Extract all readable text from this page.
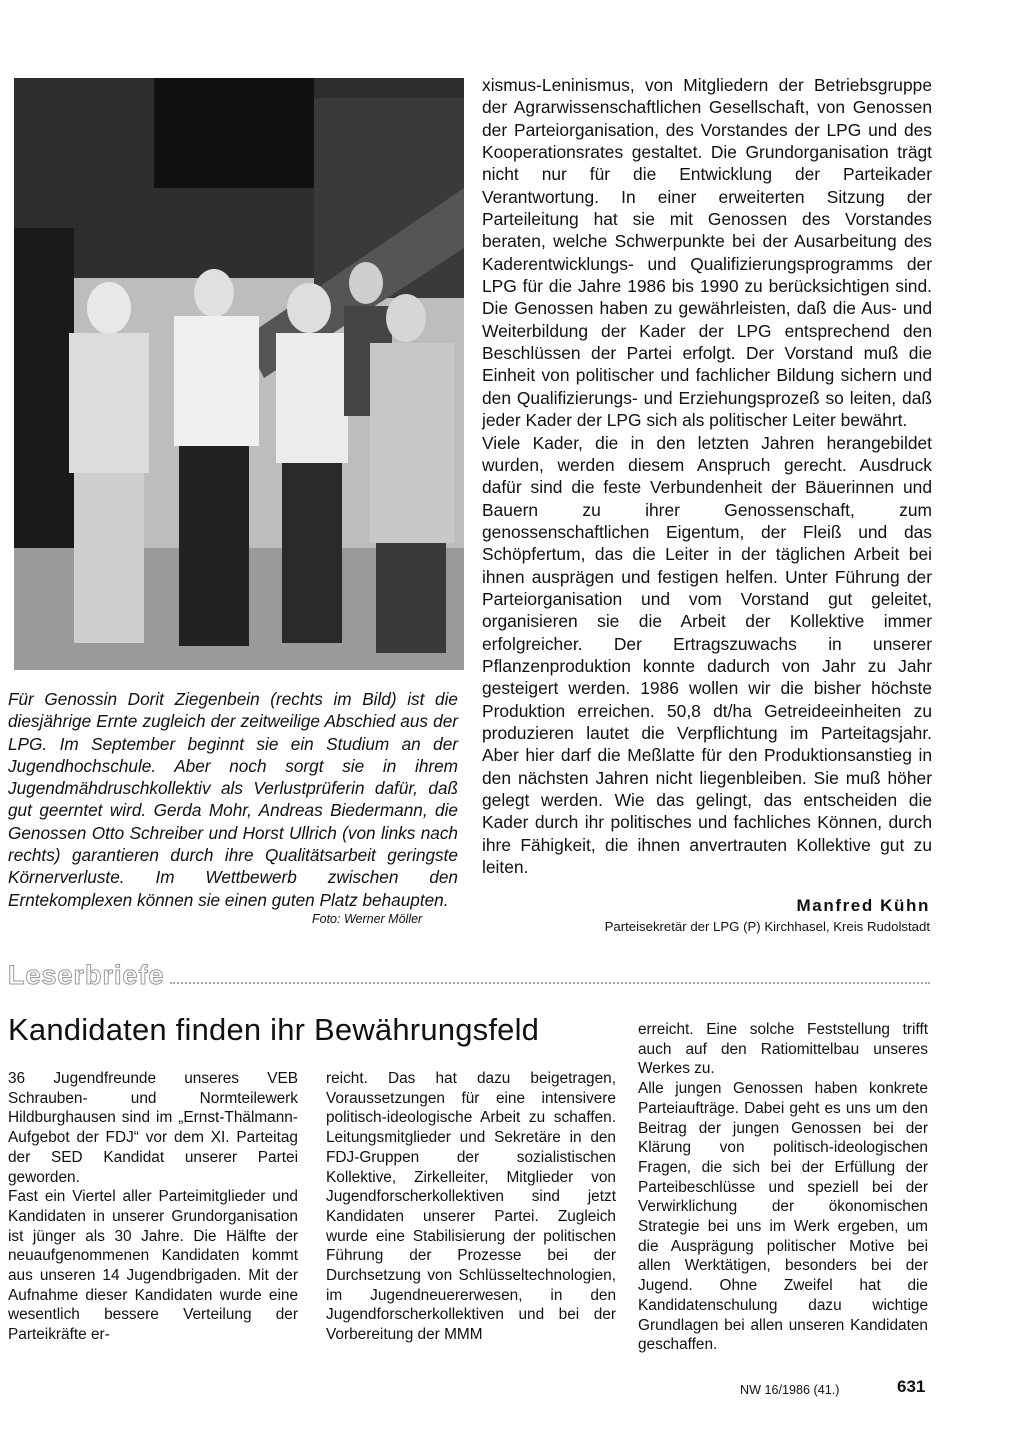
Für Genossin Dorit Ziegenbein (rechts im Bild) ist die diesjährige Ernte zugleich der zeitweilige Abschied aus der LPG. Im September beginnt sie ein Studium an der Jugendhochschule. Aber noch sorgt sie in ihrem Jugendmähdruschkollektiv als Verlustprüferin dafür, daß gut geerntet wird. Gerda Mohr, Andreas Biedermann, die Genossen Otto Schreiber und Horst Ullrich (von links nach rechts) garantieren durch ihre Qualitätsarbeit geringste Körnerverluste. Im Wettbewerb zwischen den Erntekomplexen können sie einen guten Platz behaupten.

Foto: Werner Möller

xismus-Leninismus, von Mitgliedern der Betriebsgruppe der Agrarwissenschaftlichen Gesellschaft, von Genossen der Parteiorganisation, des Vorstandes der LPG und des Kooperationsrates gestaltet. Die Grundorganisation trägt nicht nur für die Entwicklung der Parteikader Verantwortung. In einer erweiterten Sitzung der Parteileitung hat sie mit Genossen des Vorstandes beraten, welche Schwerpunkte bei der Ausarbeitung des Kaderentwicklungs- und Qualifizierungsprogramms der LPG für die Jahre 1986 bis 1990 zu berücksichtigen sind. Die Genossen haben zu gewährleisten, daß die Aus- und Weiterbildung der Kader der LPG entsprechend den Beschlüssen der Partei erfolgt. Der Vorstand muß die Einheit von politischer und fachlicher Bildung sichern und den Qualifizierungs- und Erziehungsprozeß so leiten, daß jeder Kader der LPG sich als politischer Leiter bewährt.

Viele Kader, die in den letzten Jahren herangebildet wurden, werden diesem Anspruch gerecht. Ausdruck dafür sind die feste Verbundenheit der Bäuerinnen und Bauern zu ihrer Genossenschaft, zum genossenschaftlichen Eigentum, der Fleiß und das Schöpfertum, das die Leiter in der täglichen Arbeit bei ihnen ausprägen und festigen helfen. Unter Führung der Parteiorganisation und vom Vorstand gut geleitet, organisieren sie die Arbeit der Kollektive immer erfolgreicher. Der Ertragszuwachs in unserer Pflanzenproduktion konnte dadurch von Jahr zu Jahr gesteigert werden. 1986 wollen wir die bisher höchste Produktion erreichen. 50,8 dt/ha Getreideeinheiten zu produzieren lautet die Verpflichtung im Parteitagsjahr. Aber hier darf die Meßlatte für den Produktionsanstieg in den nächsten Jahren nicht liegenbleiben. Sie muß höher gelegt werden. Wie das gelingt, das entscheiden die Kader durch ihr politisches und fachliches Können, durch ihre Fähigkeit, die ihnen anvertrauten Kollektive gut zu leiten.

Manfred Kühn
Parteisekretär der LPG (P) Kirchhasel, Kreis Rudolstadt
Leserbriefe
Kandidaten finden ihr Bewährungsfeld

36 Jugendfreunde unseres VEB Schrauben- und Normteilewerk Hildburghausen sind im „Ernst-Thälmann-Aufgebot der FDJ“ vor dem XI. Parteitag der SED Kandidat unserer Partei geworden.

Fast ein Viertel aller Parteimitglieder und Kandidaten in unserer Grundorganisation ist jünger als 30 Jahre. Die Hälfte der neuaufgenommenen Kandidaten kommt aus unseren 14 Jugendbrigaden. Mit der Aufnahme dieser Kandidaten wurde eine wesentlich bessere Verteilung der Parteikräfte er-

reicht. Das hat dazu beigetragen, Voraussetzungen für eine intensivere politisch-ideologische Arbeit zu schaffen. Leitungsmitglieder und Sekretäre in den FDJ-Gruppen der sozialistischen Kollektive, Zirkelleiter, Mitglieder von Jugendforscherkollektiven sind jetzt Kandidaten unserer Partei. Zugleich wurde eine Stabilisierung der politischen Führung der Prozesse bei der Durchsetzung von Schlüsseltechnologien, im Jugendneuererwesen, in den Jugendforscherkollektiven und bei der Vorbereitung der MMM

erreicht. Eine solche Feststellung trifft auch auf den Ratiomittelbau unseres Werkes zu.

Alle jungen Genossen haben konkrete Parteiaufträge. Dabei geht es uns um den Beitrag der jungen Genossen bei der Klärung von politisch-ideologischen Fragen, die sich bei der Erfüllung der Parteibeschlüsse und speziell bei der Verwirklichung der ökonomischen Strategie bei uns im Werk ergeben, um die Ausprägung politischer Motive bei allen Werktätigen, besonders bei der Jugend. Ohne Zweifel hat die Kandidatenschulung dazu wichtige Grundlagen bei allen unseren Kandidaten geschaffen.

NW 16/1986 (41.)	631
